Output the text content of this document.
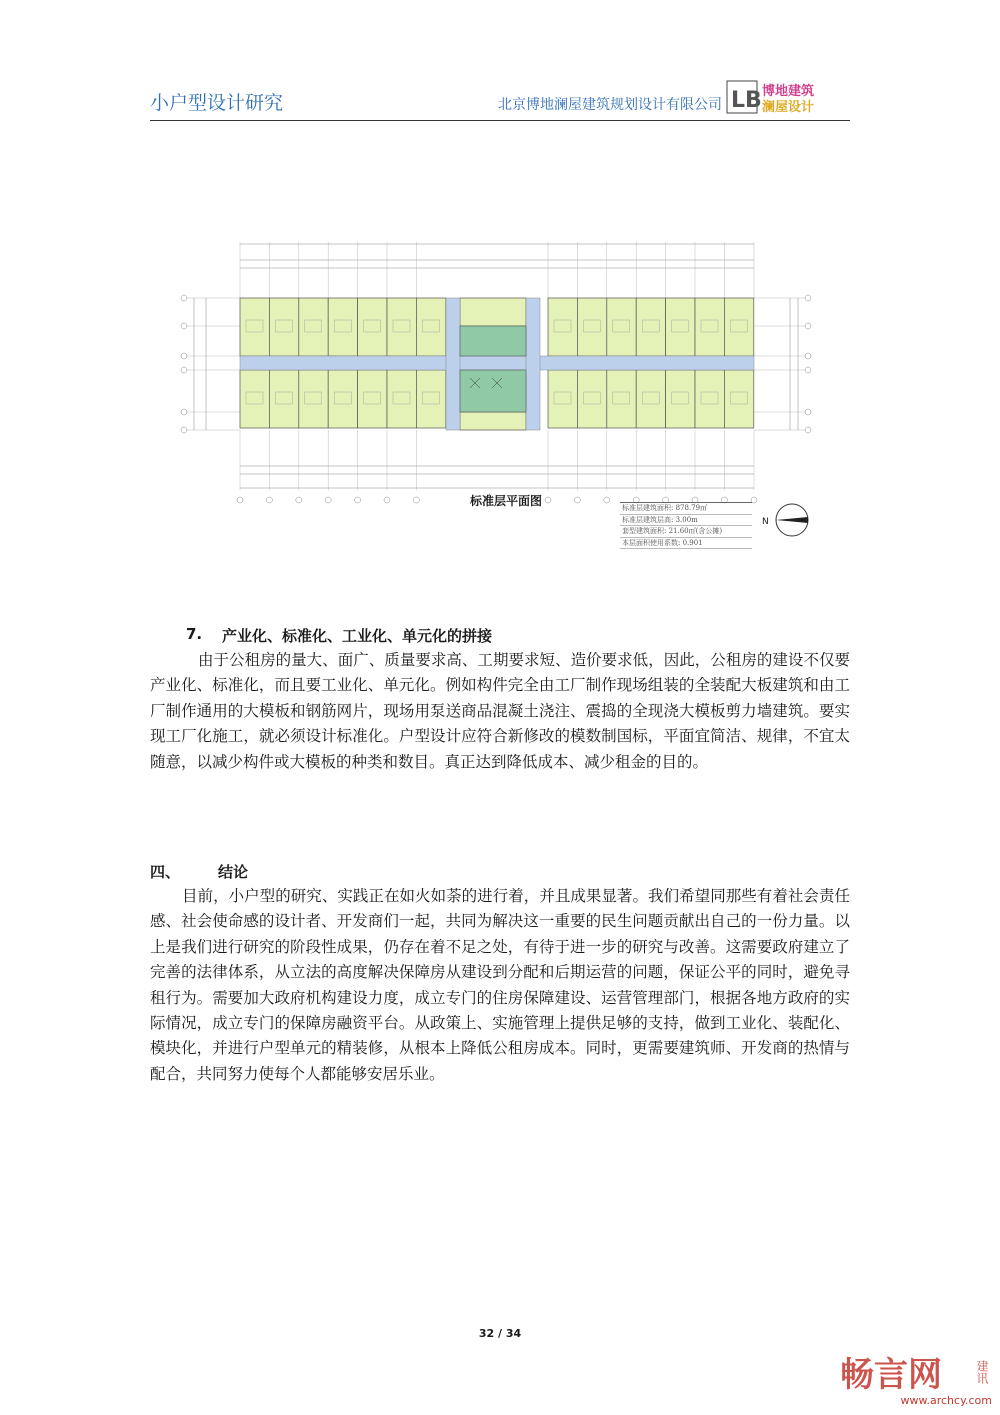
小户型设计研究	北京博地澜屋建筑规划设计有限公司 LB 博地建筑
澜屋设计
标准层平面图	标准层建筑面积: 878.79㎡
标准层建筑层高: 3.00m
套型建筑面积: 21.60㎡(含公摊)
本层面积使用系数: 0.901
N
7. 产业化、标准化、工业化、单元化的拼接
由于公租房的量大、面广、质量要求高、工期要求短、造价要求低，因此，公租房的建设不仅要产业化、标准化，而且要工业化、单元化。例如构件完全由工厂制作现场组装的全装配大板建筑和由工厂制作通用的大模板和钢筋网片，现场用泵送商品混凝土浇注、震捣的全现浇大模板剪力墙建筑。要实现工厂化施工，就必须设计标准化。户型设计应符合新修改的模数制国标，平面宜简洁、规律，不宜太随意，以减少构件或大模板的种类和数目。真正达到降低成本、减少租金的目的。
四、	结论
目前，小户型的研究、实践正在如火如荼的进行着，并且成果显著。我们希望同那些有着社会责任感、社会使命感的设计者、开发商们一起，共同为解决这一重要的民生问题贡献出自己的一份力量。以上是我们进行研究的阶段性成果，仍存在着不足之处，有待于进一步的研究与改善。这需要政府建立了完善的法律体系，从立法的高度解决保障房从建设到分配和后期运营的问题，保证公平的同时，避免寻租行为。需要加大政府机构建设力度，成立专门的住房保障建设、运营管理部门，根据各地方政府的实际情况，成立专门的保障房融资平台。从政策上、实施管理上提供足够的支持，做到工业化、装配化、模块化，并进行户型单元的精装修，从根本上降低公租房成本。同时，更需要建筑师、开发商的热情与配合，共同努力使每个人都能够安居乐业。
32 / 34
畅言网	建讯
www.archcy.com
